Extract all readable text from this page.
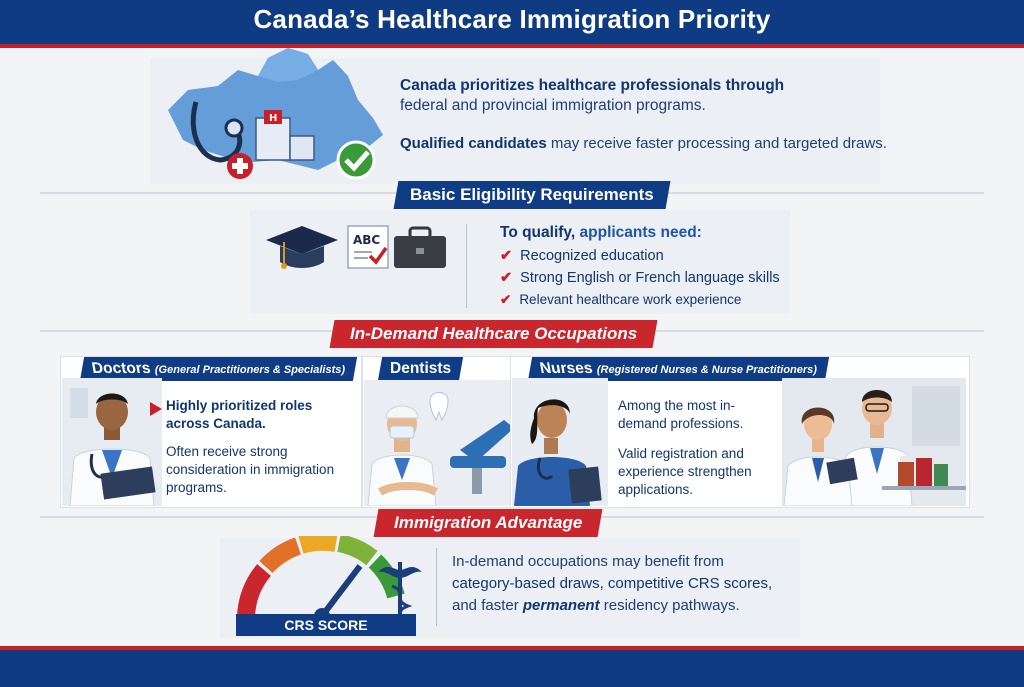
Canada’s Healthcare Immigration Priority
H
Canada prioritizes healthcare professionals through
federal and provincial immigration programs.
Qualified candidates may receive faster processing and targeted draws.
Basic Eligibility Requirements
ABC	To qualify, applicants need:
✔ Recognized education
✔ Strong English or French language skills
✔ Relevant healthcare work experience
In-Demand Healthcare Occupations
Doctors (General Practitioners & Specialists)
Highly prioritized roles across Canada.
Often receive strong consideration in immigration programs.
Dentists	Nurses (Registered Nurses & Nurse Practitioners)
Among the most in-demand professions.
Valid registration and experience strengthen applications.
Immigration Advantage
CRS SCORE
In-demand occupations may benefit from
category-based draws, competitive CRS scores,
and faster permanent residency pathways.
